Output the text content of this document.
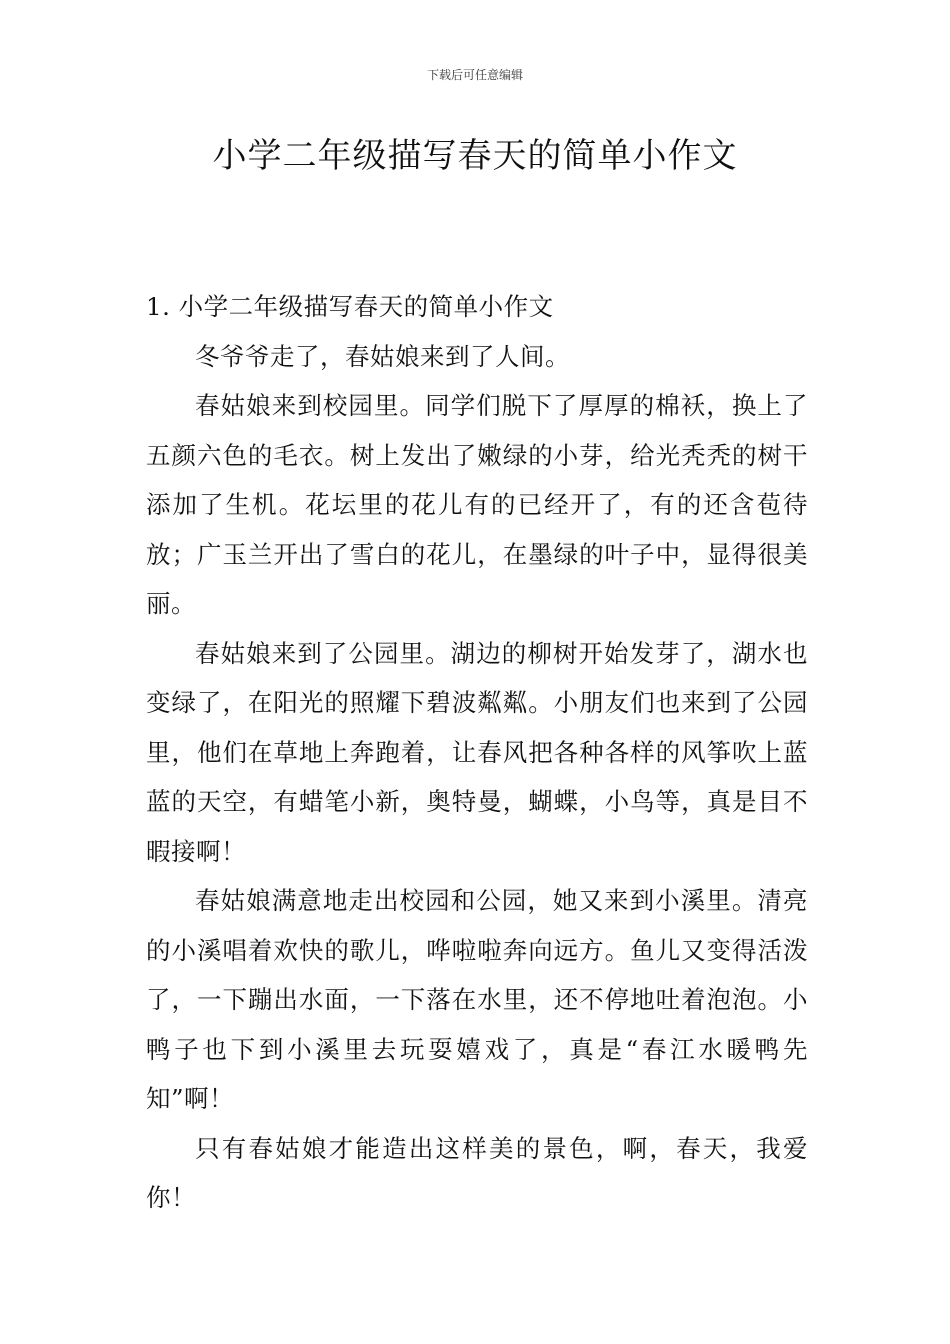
下载后可任意编辑
小学二年级描写春天的简单小作文

1. 小学二年级描写春天的简单小作文

冬爷爷走了，春姑娘来到了人间。

春姑娘来到校园里。同学们脱下了厚厚的棉袄，换上了五颜六色的毛衣。树上发出了嫩绿的小芽，给光秃秃的树干添加了生机。花坛里的花儿有的已经开了，有的还含苞待放；广玉兰开出了雪白的花儿，在墨绿的叶子中，显得很美丽。

春姑娘来到了公园里。湖边的柳树开始发芽了，湖水也变绿了，在阳光的照耀下碧波粼粼。小朋友们也来到了公园里，他们在草地上奔跑着，让春风把各种各样的风筝吹上蓝蓝的天空，有蜡笔小新，奥特曼，蝴蝶，小鸟等，真是目不暇接啊！

春姑娘满意地走出校园和公园，她又来到小溪里。清亮的小溪唱着欢快的歌儿，哗啦啦奔向远方。鱼儿又变得活泼了，一下蹦出水面，一下落在水里，还不停地吐着泡泡。小鸭子也下到小溪里去玩耍嬉戏了，真是“春江水暖鸭先知”啊！

只有春姑娘才能造出这样美的景色，啊，春天，我爱你！
